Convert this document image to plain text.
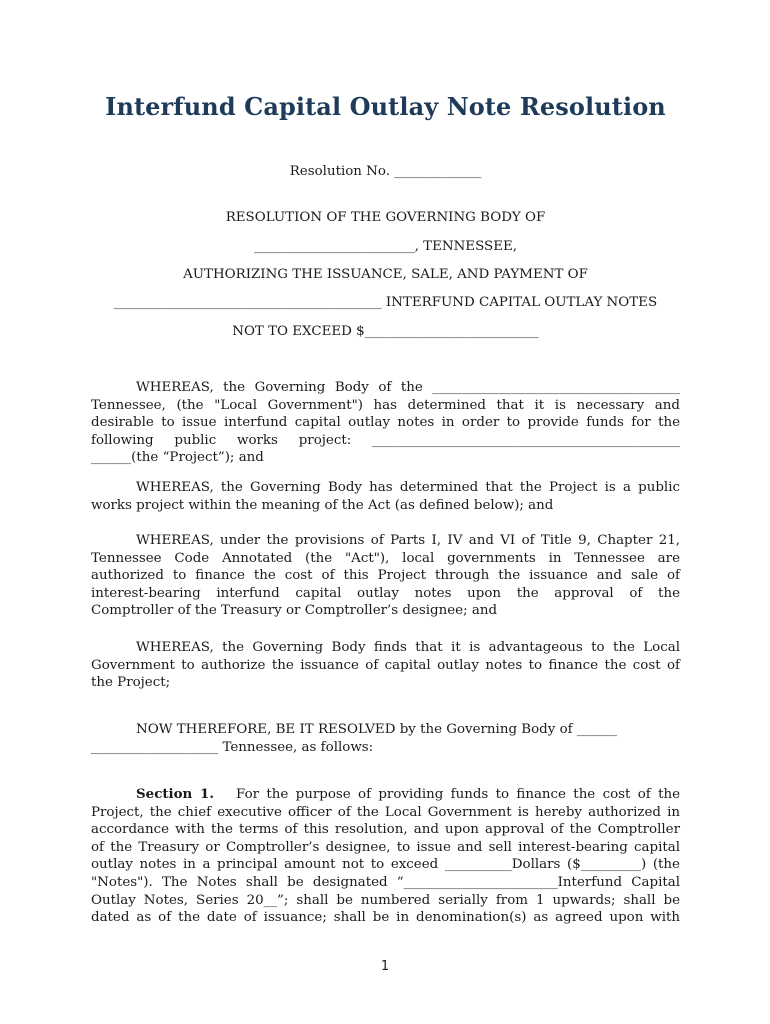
Interfund Capital Outlay Note Resolution

Resolution No. _____________

RESOLUTION OF THE GOVERNING BODY OF

________________________, TENNESSEE,

AUTHORIZING THE ISSUANCE, SALE, AND PAYMENT OF

________________________________________ INTERFUND CAPITAL OUTLAY NOTES

NOT TO EXCEED $__________________________

WHEREAS, the Governing Body of the _____________________________________
Tennessee, (the "Local Government") has determined that it is necessary and
desirable to issue interfund capital outlay notes in order to provide funds for the
following public works project: ______________________________________________
______(the “Project”); and
WHEREAS, the Governing Body has determined that the Project is a public
works project within the meaning of the Act (as defined below); and
WHEREAS, under the provisions of Parts I, IV and VI of Title 9, Chapter 21,
Tennessee Code Annotated (the "Act"), local governments in Tennessee are
authorized to finance the cost of this Project through the issuance and sale of
interest-bearing interfund capital outlay notes upon the approval of the
Comptroller of the Treasury or Comptroller’s designee; and
WHEREAS, the Governing Body finds that it is advantageous to the Local
Government to authorize the issuance of capital outlay notes to finance the cost of
the Project;
NOW THEREFORE, BE IT RESOLVED by the Governing Body of ______
___________________ Tennessee, as follows:
Section 1. For the purpose of providing funds to finance the cost of the
Project, the chief executive officer of the Local Government is hereby authorized in
accordance with the terms of this resolution, and upon approval of the Comptroller
of the Treasury or Comptroller’s designee, to issue and sell interest-bearing capital
outlay notes in a principal amount not to exceed __________Dollars ($_________) (the
"Notes"). The Notes shall be designated “_______________________Interfund Capital
Outlay Notes, Series 20__”; shall be numbered serially from 1 upwards; shall be
dated as of the date of issuance; shall be in denomination(s) as agreed upon with
1
